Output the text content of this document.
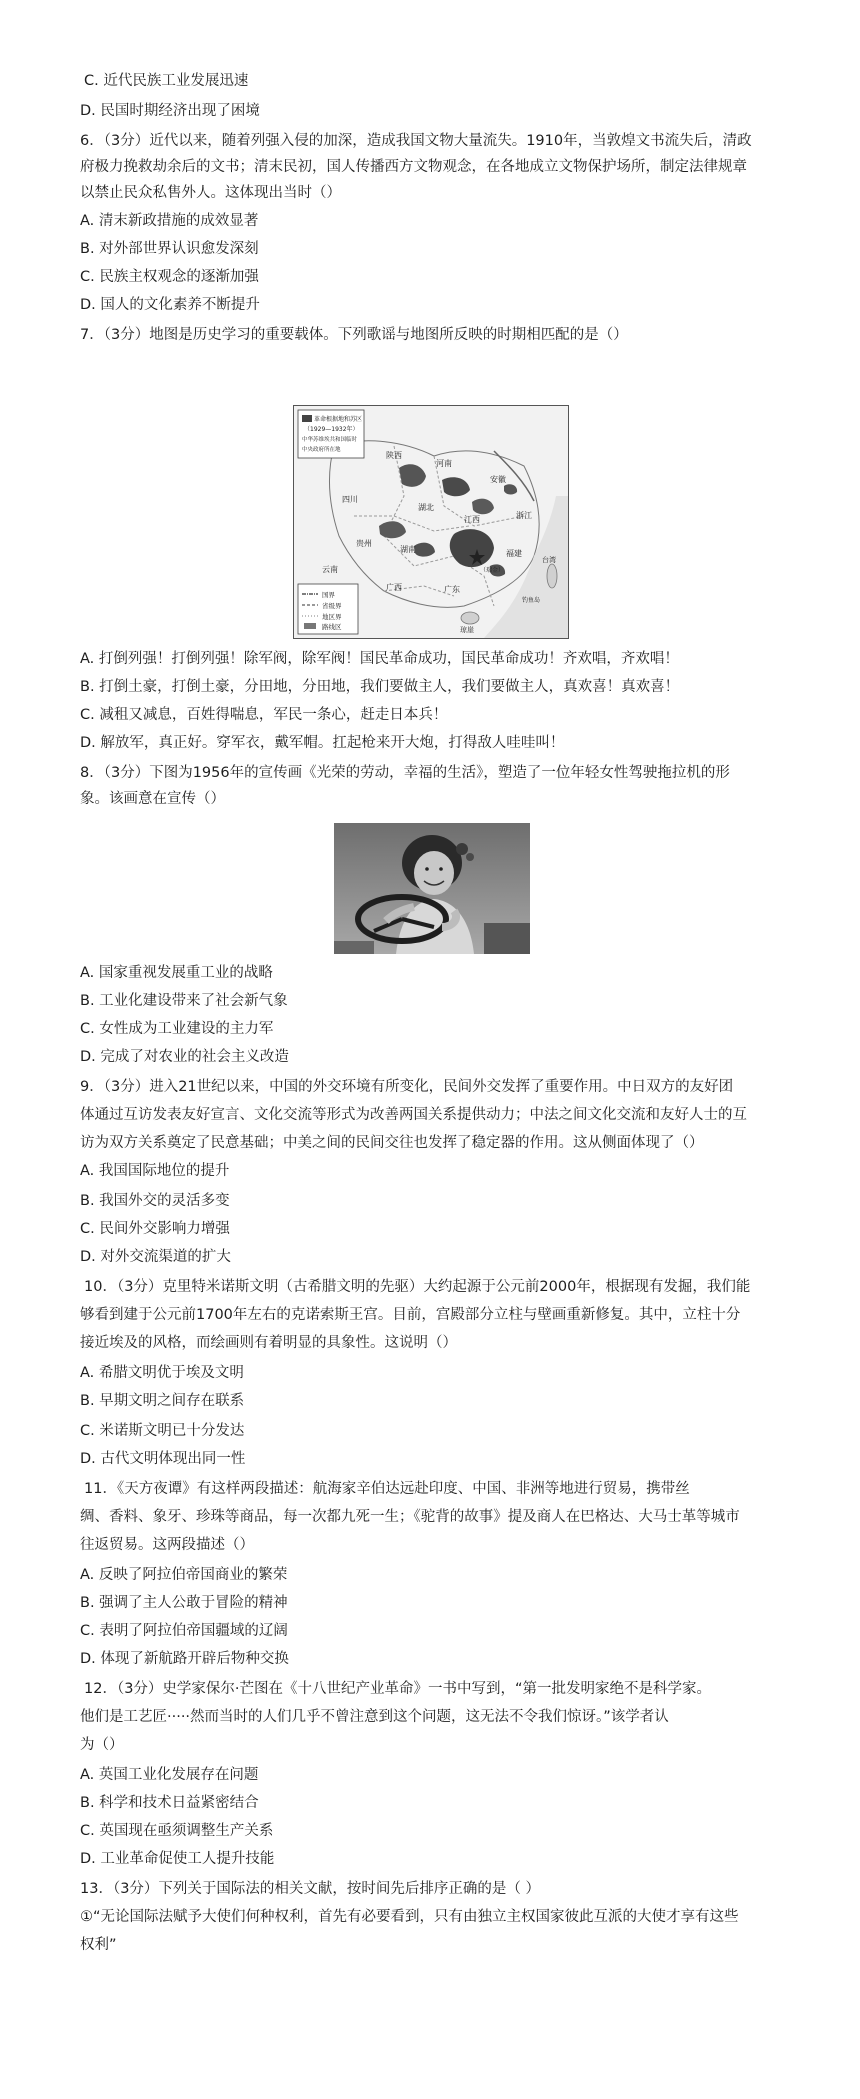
C. 近代民族工业发展迅速
D. 民国时期经济出现了困境
6．（3分）近代以来，随着列强入侵的加深，造成我国文物大量流失。1910年，当敦煌文书流失后，清政
府极力挽救劫余后的文书；清末民初，国人传播西方文物观念，在各地成立文物保护场所，制定法律规章
以禁止民众私售外人。这体现出当时（）
A. 清末新政措施的成效显著
B. 对外部世界认识愈发深刻
C. 民族主权观念的逐渐加强
D. 国人的文化素养不断提升
7．（3分）地图是历史学习的重要载体。下列歌谣与地图所反映的时期相匹配的是（）
革命根据地和苏区
（1929—1932年）
中华苏维埃共和国临时
中央政府所在地
国界
省级界
地区界
路线区
陕西
河南
安徽
四川
湖北
湖南
江西	浙江
福建
广东
广西
贵州
云南
台湾
琼崖
（瑞金）
钓鱼岛
A. 打倒列强！打倒列强！除军阀，除军阀！国民革命成功，国民革命成功！齐欢唱，齐欢唱！
B. 打倒土豪，打倒土豪，分田地，分田地，我们要做主人，我们要做主人，真欢喜！真欢喜！
C. 减租又减息，百姓得喘息，军民一条心，赶走日本兵！
D. 解放军，真正好。穿军衣，戴军帽。扛起枪来开大炮，打得敌人哇哇叫！
8．（3分）下图为1956年的宣传画《光荣的劳动，幸福的生活》，塑造了一位年轻女性驾驶拖拉机的形
象。该画意在宣传（）
A. 国家重视发展重工业的战略
B. 工业化建设带来了社会新气象
C. 女性成为工业建设的主力军
D. 完成了对农业的社会主义改造
9．（3分）进入21世纪以来，中国的外交环境有所变化，民间外交发挥了重要作用。中日双方的友好团
体通过互访发表友好宣言、文化交流等形式为改善两国关系提供动力；中法之间文化交流和友好人士的互
访为双方关系奠定了民意基础；中美之间的民间交往也发挥了稳定器的作用。这从侧面体现了（）
A. 我国国际地位的提升
B. 我国外交的灵活多变
C. 民间外交影响力增强
D. 对外交流渠道的扩大
10．（3分）克里特米诺斯文明（古希腊文明的先驱）大约起源于公元前2000年，根据现有发掘，我们能
够看到建于公元前1700年左右的克诺索斯王宫。目前，宫殿部分立柱与壁画重新修复。其中，立柱十分
接近埃及的风格，而绘画则有着明显的具象性。这说明（）
A. 希腊文明优于埃及文明
B. 早期文明之间存在联系
C. 米诺斯文明已十分发达
D. 古代文明体现出同一性
11．《天方夜谭》有这样两段描述：航海家辛伯达远赴印度、中国、非洲等地进行贸易，携带丝
绸、香料、象牙、珍珠等商品，每一次都九死一生；《驼背的故事》提及商人在巴格达、大马士革等城市
往返贸易。这两段描述（）
A. 反映了阿拉伯帝国商业的繁荣
B. 强调了主人公敢于冒险的精神
C. 表明了阿拉伯帝国疆域的辽阔
D. 体现了新航路开辟后物种交换
12．（3分）史学家保尔·芒图在《十八世纪产业革命》一书中写到，“第一批发明家绝不是科学家。
他们是工艺匠·····然而当时的人们几乎不曾注意到这个问题，这无法不令我们惊讶。”该学者认
为（）
A. 英国工业化发展存在问题
B. 科学和技术日益紧密结合
C. 英国现在亟须调整生产关系
D. 工业革命促使工人提升技能
13．（3分）下列关于国际法的相关文献，按时间先后排序正确的是（ ）
①“无论国际法赋予大使们何种权利，首先有必要看到，只有由独立主权国家彼此互派的大使才享有这些
权利”
